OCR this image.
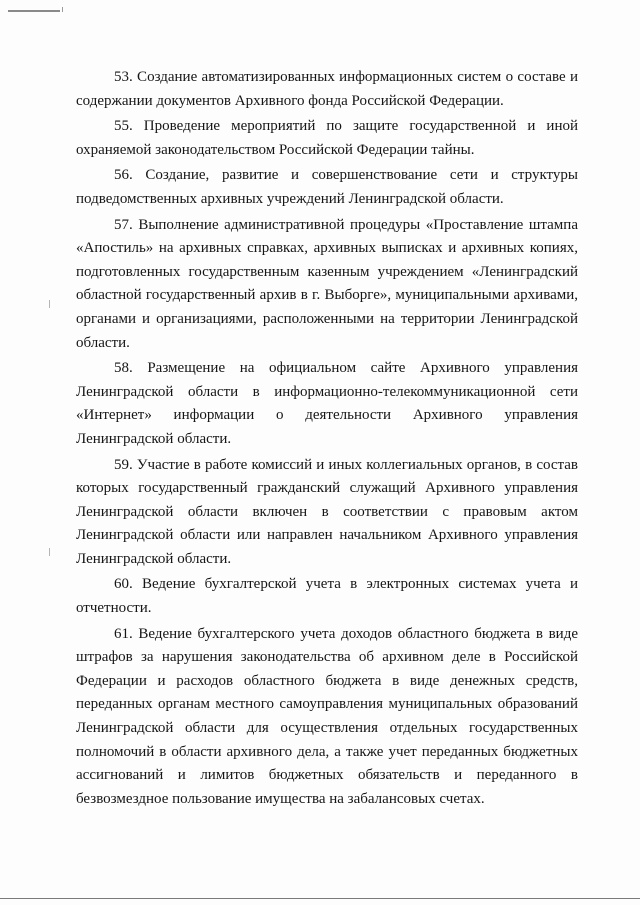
53. Создание автоматизированных информационных систем о составе и содержании документов Архивного фонда Российской Федерации.

55. Проведение мероприятий по защите государственной и иной охраняемой законодательством Российской Федерации тайны.

56. Создание, развитие и совершенствование сети и структуры подведомственных архивных учреждений Ленинградской области.

57. Выполнение административной процедуры «Проставление штампа «Апостиль» на архивных справках, архивных выписках и архивных копиях, подготовленных государственным казенным учреждением «Ленинградский областной государственный архив в г. Выборге», муниципальными архивами, органами и организациями, расположенными на территории Ленинградской области.

58. Размещение на официальном сайте Архивного управления Ленинградской области в информационно-телекоммуникационной сети «Интернет» информации о деятельности Архивного управления Ленинградской области.

59. Участие в работе комиссий и иных коллегиальных органов, в состав которых государственный гражданский служащий Архивного управления Ленинградской области включен в соответствии с правовым актом Ленинградской области или направлен начальником Архивного управления Ленинградской области.

60. Ведение бухгалтерской учета в электронных системах учета и отчетности.

61. Ведение бухгалтерского учета доходов областного бюджета в виде штрафов за нарушения законодательства об архивном деле в Российской Федерации и расходов областного бюджета в виде денежных средств, переданных органам местного самоуправления муниципальных образований Ленинградской области для осуществления отдельных государственных полномочий в области архивного дела, а также учет переданных бюджетных ассигнований и лимитов бюджетных обязательств и переданного в безвозмездное пользование имущества на забалансовых счетах.
